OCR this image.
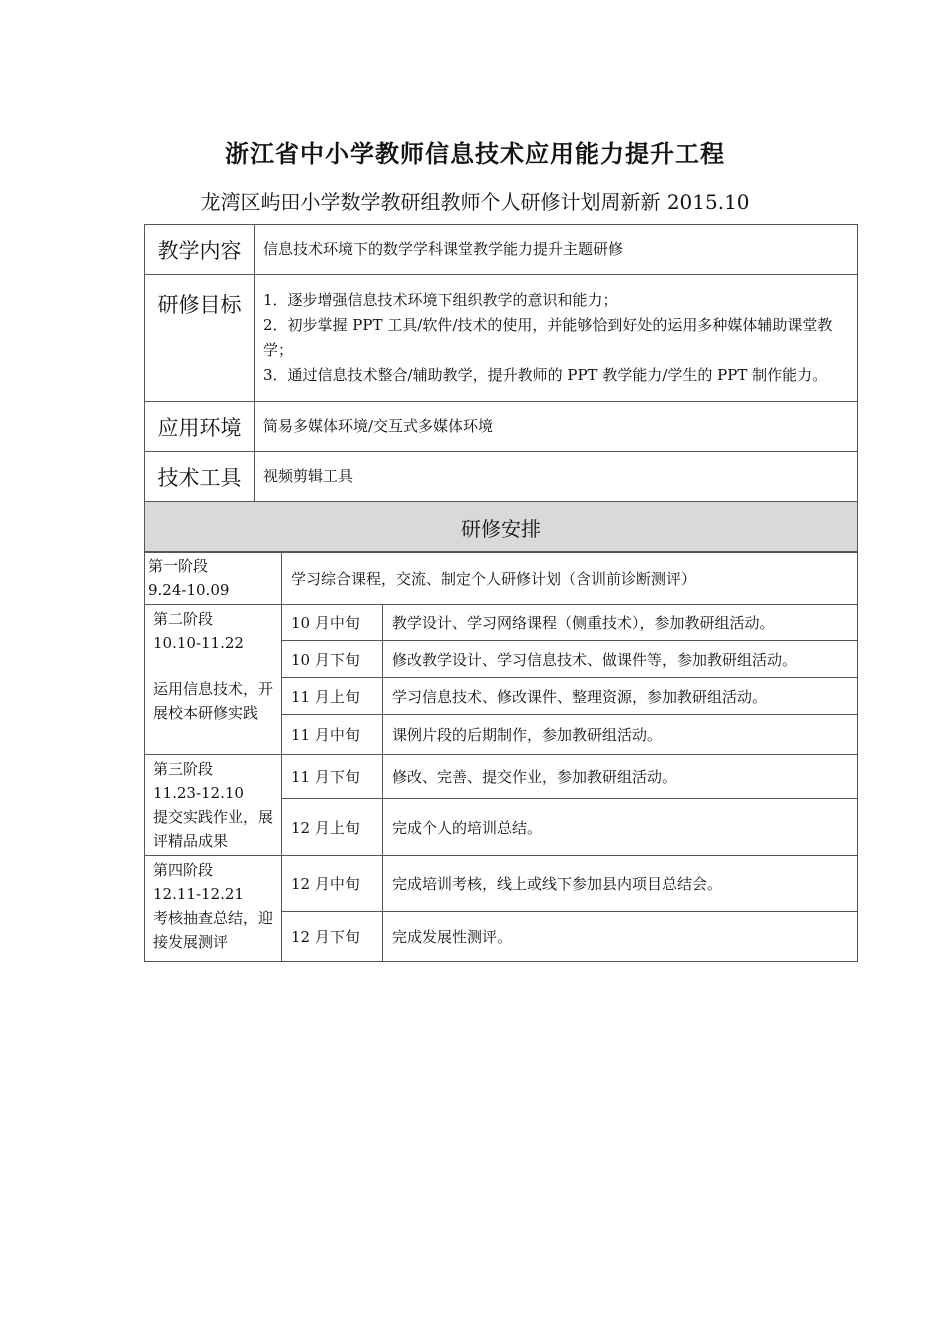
浙江省中小学教师信息技术应用能力提升工程
龙湾区屿田小学数学教研组教师个人研修计划周新新 2015.10
教学内容	信息技术环境下的数学学科课堂教学能力提升主题研修
研修目标	1．逐步增强信息技术环境下组织教学的意识和能力；
2．初步掌握 PPT 工具/软件/技术的使用，并能够恰到好处的运用多种媒体辅助课堂教学；
3．通过信息技术整合/辅助教学，提升教师的 PPT 教学能力/学生的 PPT 制作能力。

应用环境	简易多媒体环境/交互式多媒体环境
技术工具	视频剪辑工具
研修安排	
第一阶段
9.24-10.09	学习综合课程，交流、制定个人研修计划（含训前诊断测评）	

第二阶段
10.10-11.22
运用信息技术，开展校本研修实践	10 月中旬	教学设计、学习网络课程（侧重技术），参加教研组活动。
	10 月下旬	修改教学设计、学习信息技术、做课件等，参加教研组活动。
	11 月上旬	学习信息技术、修改课件、整理资源，参加教研组活动。
	11 月中旬	课例片段的后期制作，参加教研组活动。

第三阶段
11.23-12.10
提交实践作业，展评精品成果	11 月下旬	修改、完善、提交作业，参加教研组活动。
	12 月上旬	完成个人的培训总结。

第四阶段
12.11-12.21
考核抽查总结，迎接发展测评	12 月中旬	完成培训考核，线上或线下参加县内项目总结会。
	12 月下旬	完成发展性测评。
